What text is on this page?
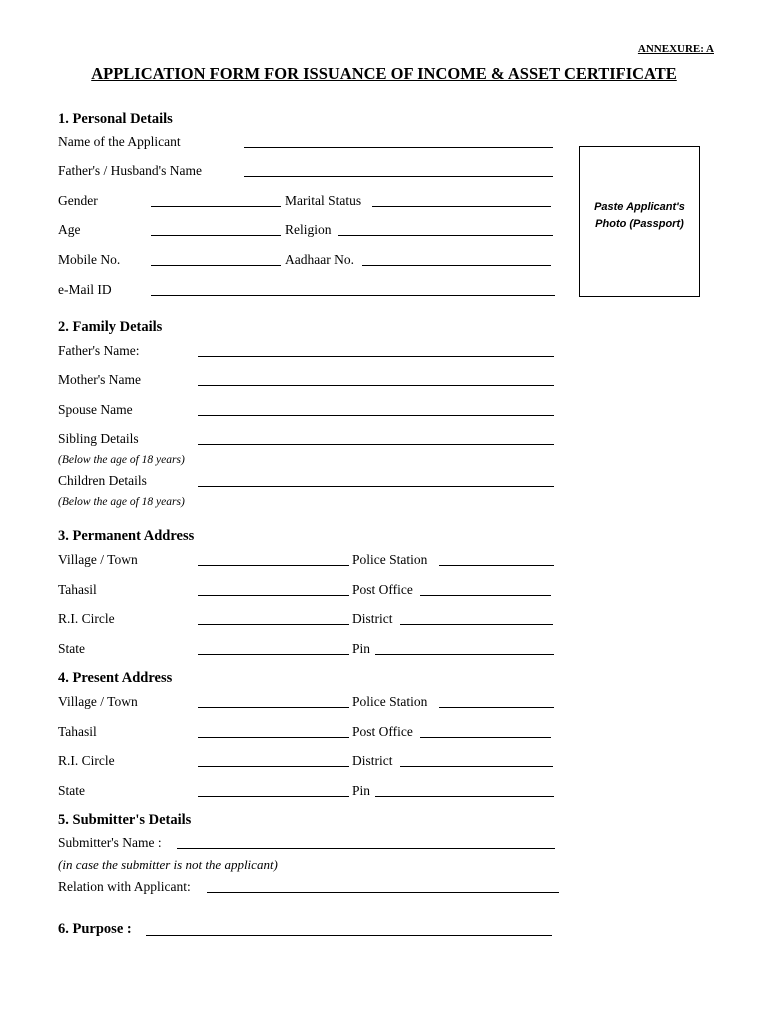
ANNEXURE: A
APPLICATION FORM FOR ISSUANCE OF INCOME & ASSET CERTIFICATE
Paste Applicant's
Photo (Passport)
1. Personal Details
Name of the Applicant
Father's / Husband's Name
Gender	Marital Status
Age	Religion
Mobile No.	Aadhaar No.
e-Mail ID
2. Family Details
Father's Name:
Mother's Name
Spouse Name
Sibling Details
(Below the age of 18 years)
Children Details
(Below the age of 18 years)
3. Permanent Address
Village / Town	Police Station
Tahasil	Post Office
R.I. Circle	District
State	Pin
4. Present Address
Village / Town	Police Station
Tahasil	Post Office
R.I. Circle	District
State	Pin
5. Submitter's Details
Submitter's Name :
(in case the submitter is not the applicant)
Relation with Applicant:
6. Purpose :
